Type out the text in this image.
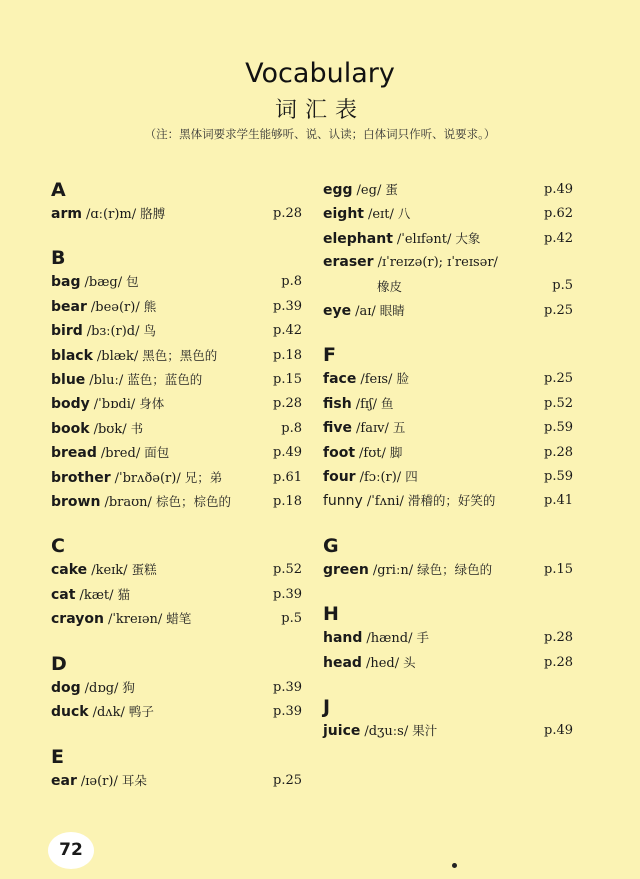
Vocabulary
词汇表
（注：黑体词要求学生能够听、说、认读；白体词只作听、说要求。）
A
arm /ɑː(r)m/ 胳膊	p.28
B
bag /bæg/ 包	p.8
bear /beə(r)/ 熊	p.39
bird /bɜː(r)d/ 鸟	p.42
black /blæk/ 黑色；黑色的	p.18
blue /bluː/ 蓝色；蓝色的	p.15
body /ˈbɒdi/ 身体	p.28
book /bʊk/ 书	p.8
bread /bred/ 面包	p.49
brother /ˈbrʌðə(r)/ 兄；弟	p.61
brown /braʊn/ 棕色；棕色的	p.18
C
cake /keɪk/ 蛋糕	p.52
cat /kæt/ 猫	p.39
crayon /ˈkreɪən/ 蜡笔	p.5
D
dog /dɒg/ 狗	p.39
duck /dʌk/ 鸭子	p.39
E
ear /ɪə(r)/ 耳朵	p.25
egg /eg/ 蛋	p.49
eight /eɪt/ 八	p.62
elephant /ˈelɪfənt/ 大象	p.42
eraser /ɪˈreɪzə(r); ɪˈreɪsər/
橡皮	p.5
eye /aɪ/ 眼睛	p.25
F
face /feɪs/ 脸	p.25
fish /fɪʃ/ 鱼	p.52
five /faɪv/ 五	p.59
foot /fʊt/ 脚	p.28
four /fɔː(r)/ 四	p.59
funny /ˈfʌni/ 滑稽的；好笑的	p.41
G
green /griːn/ 绿色；绿色的	p.15
H
hand /hænd/ 手	p.28
head /hed/ 头	p.28
J
juice /dʒuːs/ 果汁	p.49
72
